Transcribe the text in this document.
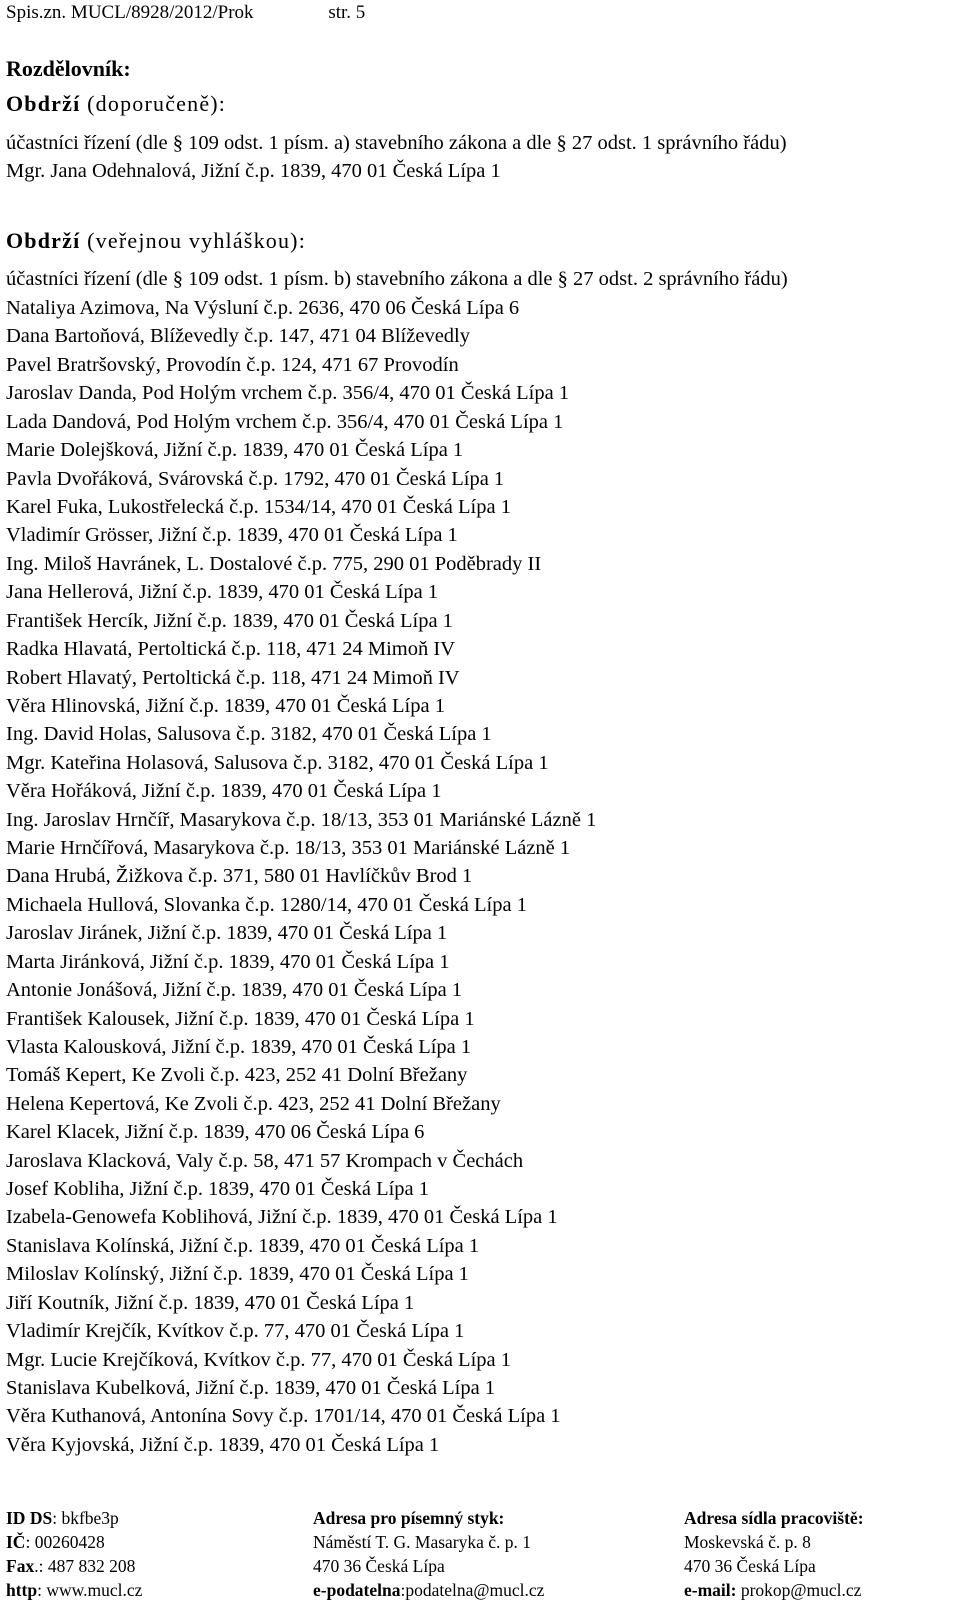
Spis.zn. MUCL/8928/2012/Prok	str. 5
Rozdělovník:
Obdrží (doporučeně):
účastníci řízení (dle § 109 odst. 1 písm. a) stavebního zákona a dle § 27 odst. 1 správního řádu)
Mgr. Jana Odehnalová, Jižní č.p. 1839, 470 01 Česká Lípa 1
Obdrží (veřejnou vyhláškou):
účastníci řízení (dle § 109 odst. 1 písm. b) stavebního zákona a dle § 27 odst. 2 správního řádu)
Nataliya Azimova, Na Výsluní č.p. 2636, 470 06 Česká Lípa 6
Dana Bartoňová, Blíževedly č.p. 147, 471 04 Blíževedly
Pavel Bratršovský, Provodín č.p. 124, 471 67 Provodín
Jaroslav Danda, Pod Holým vrchem č.p. 356/4, 470 01 Česká Lípa 1
Lada Dandová, Pod Holým vrchem č.p. 356/4, 470 01 Česká Lípa 1
Marie Dolejšková, Jižní č.p. 1839, 470 01 Česká Lípa 1
Pavla Dvořáková, Svárovská č.p. 1792, 470 01 Česká Lípa 1
Karel Fuka, Lukostřelecká č.p. 1534/14, 470 01 Česká Lípa 1
Vladimír Grösser, Jižní č.p. 1839, 470 01 Česká Lípa 1
Ing. Miloš Havránek, L. Dostalové č.p. 775, 290 01 Poděbrady II
Jana Hellerová, Jižní č.p. 1839, 470 01 Česká Lípa 1
František Hercík, Jižní č.p. 1839, 470 01 Česká Lípa 1
Radka Hlavatá, Pertoltická č.p. 118, 471 24 Mimoň IV
Robert Hlavatý, Pertoltická č.p. 118, 471 24 Mimoň IV
Věra Hlinovská, Jižní č.p. 1839, 470 01 Česká Lípa 1
Ing. David Holas, Salusova č.p. 3182, 470 01 Česká Lípa 1
Mgr. Kateřina Holasová, Salusova č.p. 3182, 470 01 Česká Lípa 1
Věra Hořáková, Jižní č.p. 1839, 470 01 Česká Lípa 1
Ing. Jaroslav Hrnčíř, Masarykova č.p. 18/13, 353 01 Mariánské Lázně 1
Marie Hrnčířová, Masarykova č.p. 18/13, 353 01 Mariánské Lázně 1
Dana Hrubá, Žižkova č.p. 371, 580 01 Havlíčkův Brod 1
Michaela Hullová, Slovanka č.p. 1280/14, 470 01 Česká Lípa 1
Jaroslav Jiránek, Jižní č.p. 1839, 470 01 Česká Lípa 1
Marta Jiránková, Jižní č.p. 1839, 470 01 Česká Lípa 1
Antonie Jonášová, Jižní č.p. 1839, 470 01 Česká Lípa 1
František Kalousek, Jižní č.p. 1839, 470 01 Česká Lípa 1
Vlasta Kalousková, Jižní č.p. 1839, 470 01 Česká Lípa 1
Tomáš Kepert, Ke Zvoli č.p. 423, 252 41 Dolní Břežany
Helena Kepertová, Ke Zvoli č.p. 423, 252 41 Dolní Břežany
Karel Klacek, Jižní č.p. 1839, 470 06 Česká Lípa 6
Jaroslava Klacková, Valy č.p. 58, 471 57 Krompach v Čechách
Josef Kobliha, Jižní č.p. 1839, 470 01 Česká Lípa 1
Izabela-Genowefa Koblihová, Jižní č.p. 1839, 470 01 Česká Lípa 1
Stanislava Kolínská, Jižní č.p. 1839, 470 01 Česká Lípa 1
Miloslav Kolínský, Jižní č.p. 1839, 470 01 Česká Lípa 1
Jiří Koutník, Jižní č.p. 1839, 470 01 Česká Lípa 1
Vladimír Krejčík, Kvítkov č.p. 77, 470 01 Česká Lípa 1
Mgr. Lucie Krejčíková, Kvítkov č.p. 77, 470 01 Česká Lípa 1
Stanislava Kubelková, Jižní č.p. 1839, 470 01 Česká Lípa 1
Věra Kuthanová, Antonína Sovy č.p. 1701/14, 470 01 Česká Lípa 1
Věra Kyjovská, Jižní č.p. 1839, 470 01 Česká Lípa 1
ID DS: bkfbe3p
IČ: 00260428
Fax.: 487 832 208
http: www.mucl.cz
Adresa pro písemný styk:
Náměstí T. G. Masaryka č. p. 1
470 36 Česká Lípa
e-podatelna:podatelna@mucl.cz
Adresa sídla pracoviště:
Moskevská č. p. 8
470 36 Česká Lípa
e-mail: prokop@mucl.cz
